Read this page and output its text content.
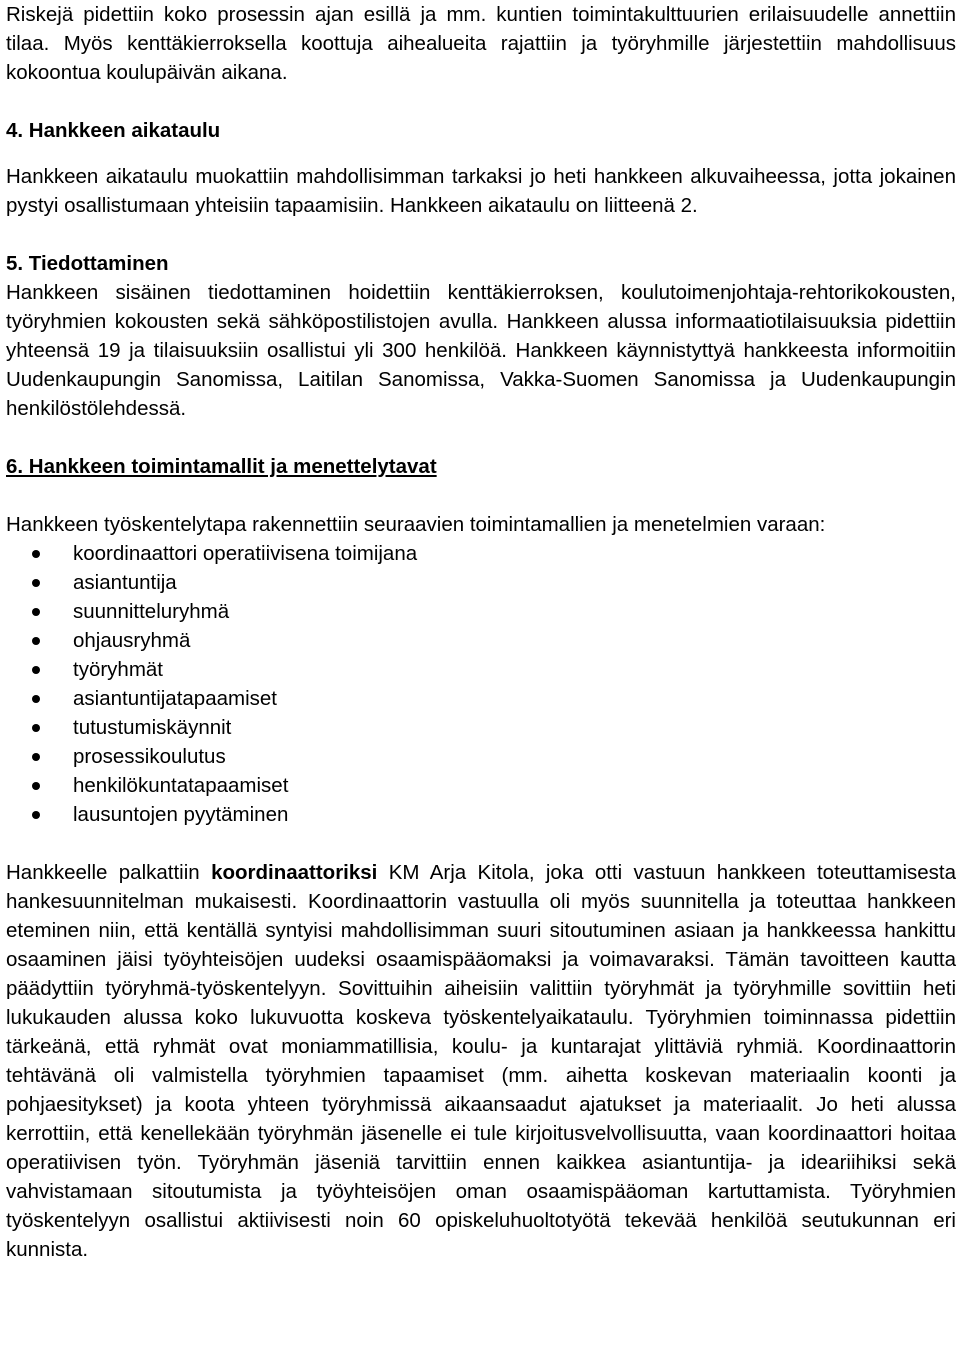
Riskejä pidettiin koko prosessin ajan esillä ja mm. kuntien toimintakulttuurien erilaisuudelle annettiin tilaa. Myös kenttäkierroksella koottuja aihealueita rajattiin ja työryhmille järjestettiin mahdollisuus kokoontua koulupäivän aikana.

4. Hankkeen aikataulu

Hankkeen aikataulu muokattiin mahdollisimman tarkaksi jo heti hankkeen alkuvaiheessa, jotta jokainen pystyi osallistumaan yhteisiin tapaamisiin. Hankkeen aikataulu on liitteenä 2.

5. Tiedottaminen

Hankkeen sisäinen tiedottaminen hoidettiin kenttäkierroksen, koulutoimenjohtaja-rehtorikokousten, työryhmien kokousten sekä sähköpostilistojen avulla. Hankkeen alussa informaatiotilaisuuksia pidettiin yhteensä 19 ja tilaisuuksiin osallistui yli 300 henkilöä. Hankkeen käynnistyttyä hankkeesta informoitiin Uudenkaupungin Sanomissa, Laitilan Sanomissa, Vakka-Suomen Sanomissa ja Uudenkaupungin henkilöstölehdessä.

6. Hankkeen toimintamallit ja menettelytavat

Hankkeen työskentelytapa rakennettiin seuraavien toimintamallien ja menetelmien varaan:

koordinaattori operatiivisena toimijana
asiantuntija
suunnitteluryhmä
ohjausryhmä
työryhmät
asiantuntijatapaamiset
tutustumiskäynnit
prosessikoulutus
henkilökuntatapaamiset
lausuntojen pyytäminen

Hankkeelle palkattiin koordinaattoriksi KM Arja Kitola, joka otti vastuun hankkeen toteuttamisesta hankesuunnitelman mukaisesti. Koordinaattorin vastuulla oli myös suunnitella ja toteuttaa hankkeen eteminen niin, että kentällä syntyisi mahdollisimman suuri sitoutuminen asiaan ja hankkeessa hankittu osaaminen jäisi työyhteisöjen uudeksi osaamispääomaksi ja voimavaraksi. Tämän tavoitteen kautta päädyttiin työryhmä-työskentelyyn. Sovittuihin aiheisiin valittiin työryhmät ja työryhmille sovittiin heti lukukauden alussa koko lukuvuotta koskeva työskentelyaikataulu. Työryhmien toiminnassa pidettiin tärkeänä, että ryhmät ovat moniammatillisia, koulu- ja kuntarajat ylittäviä ryhmiä. Koordinaattorin tehtävänä oli valmistella työryhmien tapaamiset (mm. aihetta koskevan materiaalin koonti ja pohjaesitykset) ja koota yhteen työryhmissä aikaansaadut ajatukset ja materiaalit. Jo heti alussa kerrottiin, että kenellekään työryhmän jäsenelle ei tule kirjoitusvelvollisuutta, vaan koordinaattori hoitaa operatiivisen työn. Työryhmän jäseniä tarvittiin ennen kaikkea asiantuntija- ja ideariihiksi sekä vahvistamaan sitoutumista ja työyhteisöjen oman osaamispääoman kartuttamista. Työryhmien työskentelyyn osallistui aktiivisesti noin 60 opiskeluhuoltotyötä tekevää henkilöä seutukunnan eri kunnista.
